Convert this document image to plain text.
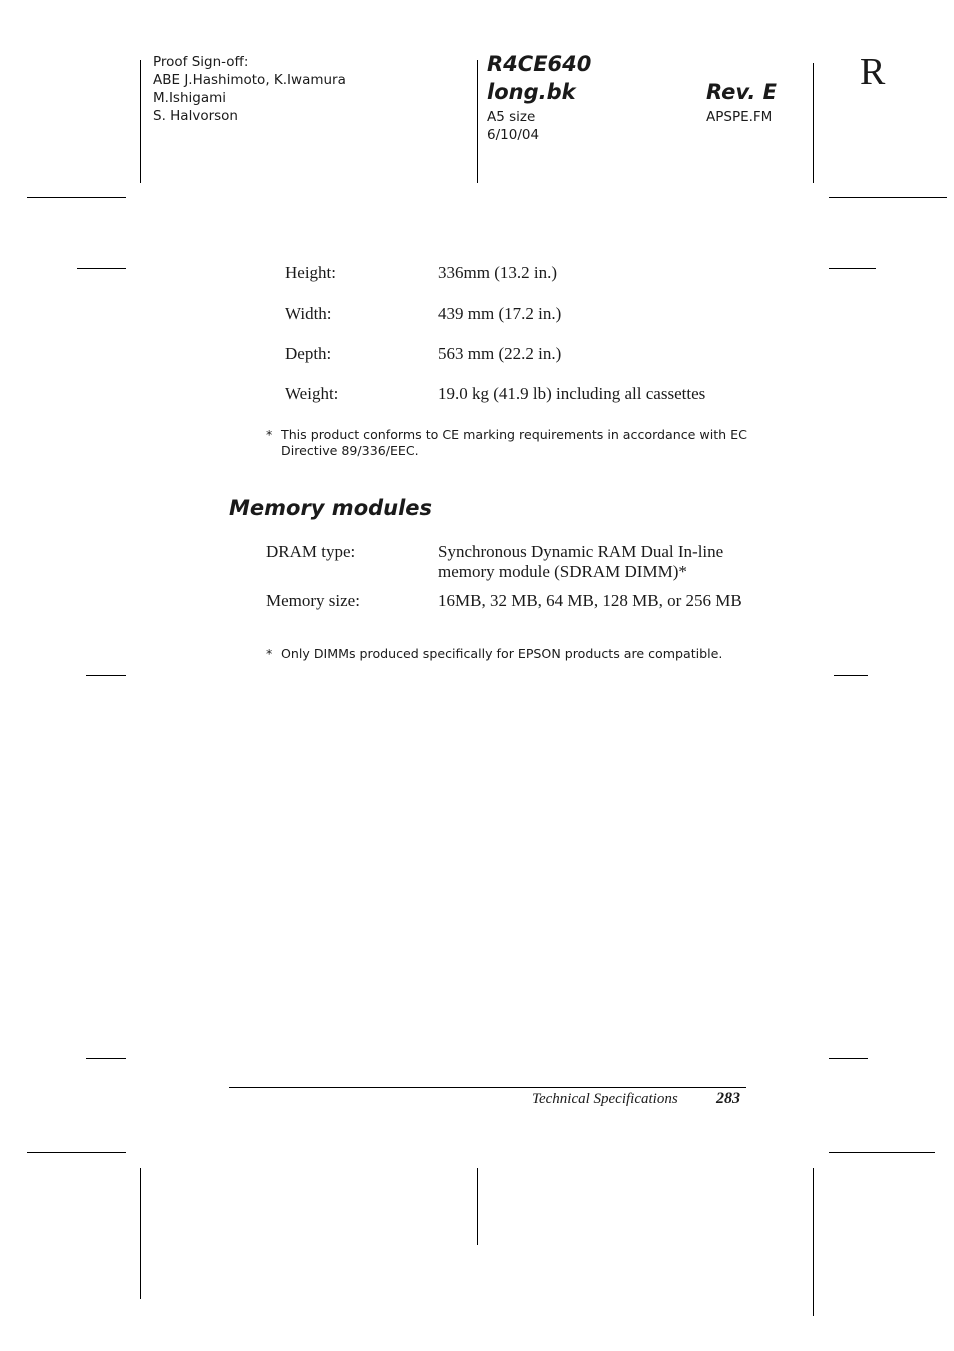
Proof Sign-off:
ABE J.Hashimoto, K.Iwamura
M.Ishigami
S. Halvorson
R4CE640
long.bk	Rev. E
A5 size
6/10/04
APSPE.FM
R
Height:	336mm (13.2 in.)
Width:	439 mm (17.2 in.)
Depth:	563 mm (22.2 in.)
Weight:	19.0 kg (41.9 lb) including all cassettes
* This product conforms to CE marking requirements in accordance with EC
Directive 89/336/EEC.
Memory modules
DRAM type:	Synchronous Dynamic RAM Dual In-line
memory module (SDRAM DIMM)*
Memory size:	16MB, 32 MB, 64 MB, 128 MB, or 256 MB
* Only DIMMs produced specifically for EPSON products are compatible.
Technical Specifications 283
